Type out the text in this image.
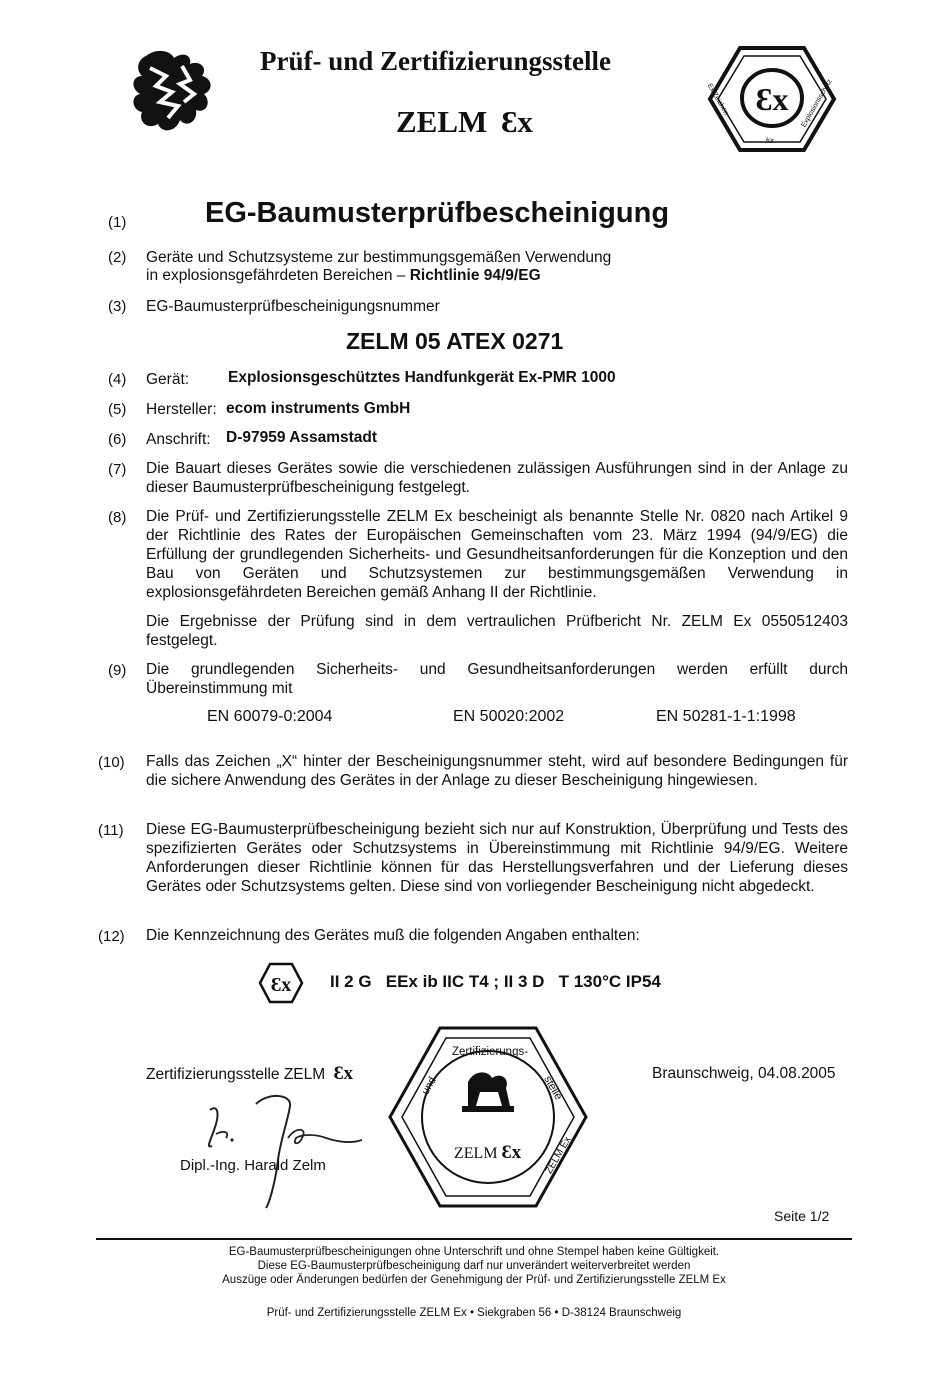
Prüf- und Zertifizierungsstelle
ZELM Ɛx
Ɛx
Ex Zeichen
für
Explosionsschutz
(1)	EG-Baumusterprüfbescheinigung
(2) Geräte und Schutzsysteme zur bestimmungsgemäßen Verwendung
in explosionsgefährdeten Bereichen – Richtlinie 94/9/EG
(3) EG-Baumusterprüfbescheinigungsnummer
ZELM 05 ATEX 0271
(4) Gerät:	Explosionsgeschütztes Handfunkgerät Ex-PMR 1000
(5) Hersteller: ecom instruments GmbH
(6) Anschrift: D-97959 Assamstadt
(7) Die Bauart dieses Gerätes sowie die verschiedenen zulässigen Ausführungen sind in der Anlage zu dieser Baumusterprüfbescheinigung festgelegt.
(8) Die Prüf- und Zertifizierungsstelle ZELM Ex bescheinigt als benannte Stelle Nr. 0820 nach Artikel 9 der Richtlinie des Rates der Europäischen Gemeinschaften vom 23. März 1994 (94/9/EG) die Erfüllung der grundlegenden Sicherheits- und Gesundheitsanforderungen für die Konzeption und den Bau von Geräten und Schutzsystemen zur bestimmungsgemäßen Verwendung in explosionsgefährdeten Bereichen gemäß Anhang II der Richtlinie.
Die Ergebnisse der Prüfung sind in dem vertraulichen Prüfbericht Nr. ZELM Ex 0550512403 festgelegt.
(9) Die grundlegenden Sicherheits- und Gesundheitsanforderungen werden erfüllt durch Übereinstimmung mit
EN 60079-0:2004	EN 50020:2002	EN 50281-1-1:1998
(10) Falls das Zeichen „X“ hinter der Bescheinigungsnummer steht, wird auf besondere Bedingungen für die sichere Anwendung des Gerätes in der Anlage zu dieser Bescheinigung hingewiesen.
(11) Diese EG-Baumusterprüfbescheinigung bezieht sich nur auf Konstruktion, Überprüfung und Tests des spezifizierten Gerätes oder Schutzsystems in Übereinstimmung mit Richtlinie 94/9/EG. Weitere Anforderungen dieser Richtlinie können für das Herstellungsverfahren und der Lieferung dieses Gerätes oder Schutzsystems gelten. Diese sind von vorliegender Bescheinigung nicht abgedeckt.
(12) Die Kennzeichnung des Gerätes muß die folgenden Angaben enthalten:
Ɛx II 2 G   EEx ib IIC T4 ; II 3 D   T 130°C IP54
Zertifizierungsstelle ZELM Ɛx
Dipl.-Ing. Harald Zelm
Zertifizierungs-
und	stelle
ZELM Ɛx ZELM Ex
Braunschweig, 04.08.2005
Seite 1/2
EG-Baumusterprüfbescheinigungen ohne Unterschrift und ohne Stempel haben keine Gültigkeit.
Diese EG-Baumusterprüfbescheinigung darf nur unverändert weiterverbreitet werden
Auszüge oder Änderungen bedürfen der Genehmigung der Prüf- und Zertifizierungsstelle ZELM Ex
Prüf- und Zertifizierungsstelle ZELM Ex • Siekgraben 56 • D-38124 Braunschweig
